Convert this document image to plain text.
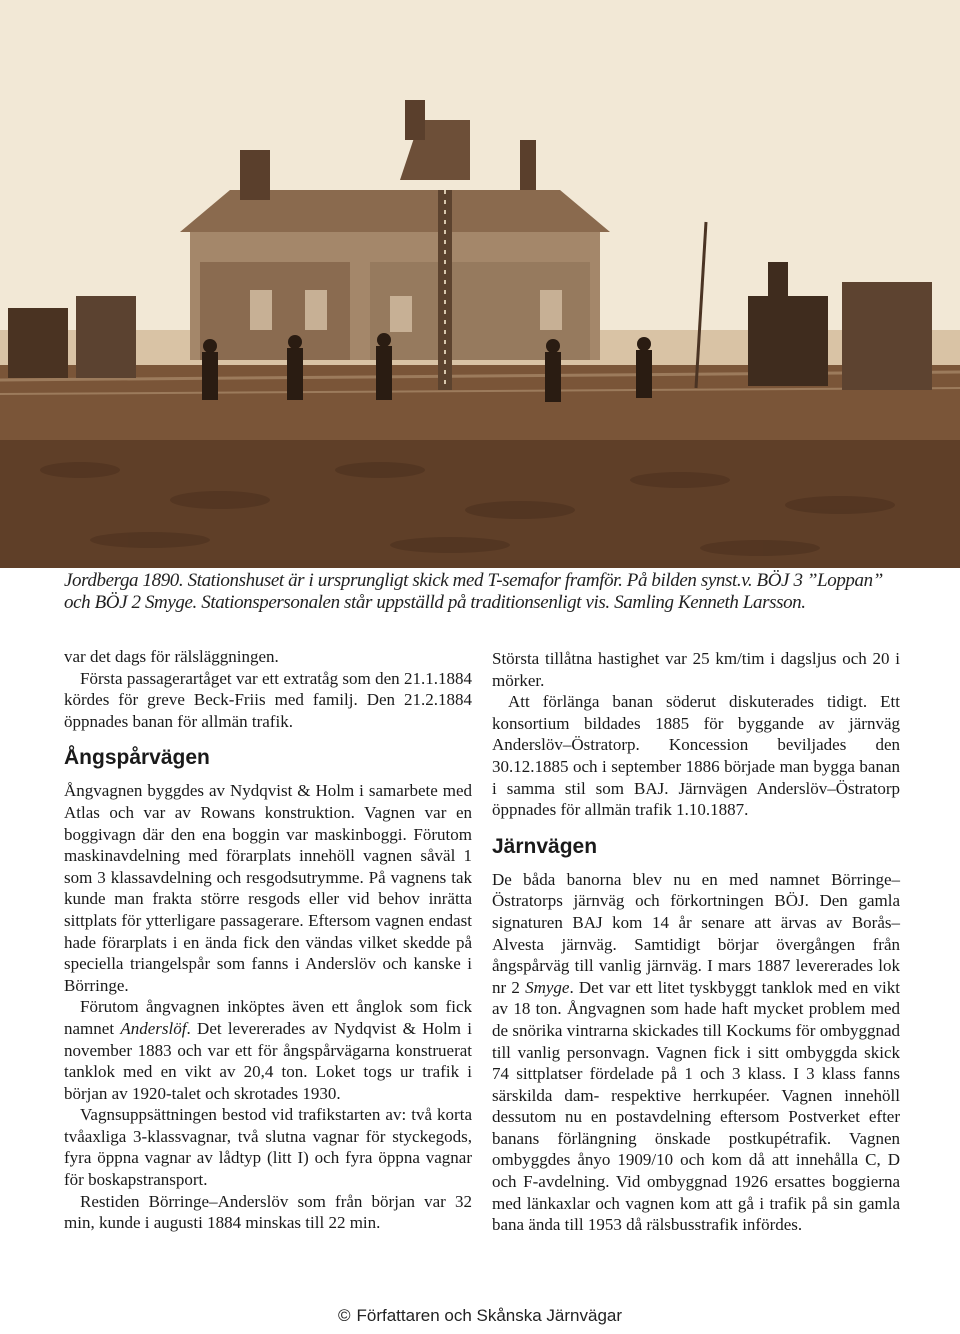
Jordberga 1890. Stationshuset är i ursprungligt skick med T-semafor framför. På bilden synst.v. BÖJ 3 ”Loppan” och BÖJ 2 Smyge. Stationspersonalen står uppställd på traditionsenligt vis. Samling Kenneth Larsson.

var det dags för rälsläggningen.

Första passagerartåget var ett extratåg som den 21.1.1884 kördes för greve Beck-Friis med familj. Den 21.2.1884 öppnades banan för allmän trafik.

Ångspårvägen

Ångvagnen byggdes av Nydqvist & Holm i samarbete med Atlas och var av Rowans konstruktion. Vagnen var en boggivagn där den ena boggin var maskinboggi. Förutom maskinavdelning med förarplats innehöll vagnen såväl 1 som 3 klassavdelning och resgodsutrymme. På vagnens tak kunde man frakta större resgods eller vid behov inrätta sittplats för ytterligare passagerare. Eftersom vagnen endast hade förarplats i en ända fick den vändas vilket skedde på speciella triangelspår som fanns i Anderslöv och kanske i Börringe.

Förutom ångvagnen inköptes även ett ånglok som fick namnet Anderslöf. Det levererades av Nydqvist & Holm i november 1883 och var ett för ångspårvägarna konstruerat tanklok med en vikt av 20,4 ton. Loket togs ur trafik i början av 1920-talet och skrotades 1930.

Vagnsuppsättningen bestod vid trafikstarten av: två korta tvåaxliga 3-klassvagnar, två slutna vagnar för styckegods, fyra öppna vagnar av lådtyp (litt I) och fyra öppna vagnar för boskapstransport.

Restiden Börringe–Anderslöv som från början var 32 min, kunde i augusti 1884 minskas till 22 min.

Största tillåtna hastighet var 25 km/tim i dagsljus och 20 i mörker.

Att förlänga banan söderut diskuterades tidigt. Ett konsortium bildades 1885 för byggande av järnväg Anderslöv–Östratorp. Koncession beviljades den 30.12.1885 och i september 1886 började man bygga banan i samma stil som BAJ. Järnvägen Anderslöv–Östratorp öppnades för allmän trafik 1.10.1887.

Järnvägen

De båda banorna blev nu en med namnet Börringe–Östratorps järnväg och förkortningen BÖJ. Den gamla signaturen BAJ kom 14 år senare att ärvas av Borås–Alvesta järnväg. Samtidigt börjar övergången från ångspårväg till vanlig järnväg. I mars 1887 levererades lok nr 2 Smyge. Det var ett litet tyskbyggt tanklok med en vikt av 18 ton. Ångvagnen som hade haft mycket problem med de snörika vintrarna skickades till Kockums för ombyggnad till vanlig personvagn. Vagnen fick i sitt ombyggda skick 74 sittplatser fördelade på 1 och 3 klass. I 3 klass fanns särskilda dam- respektive herrkupéer. Vagnen innehöll dessutom nu en postavdelning eftersom Postverket efter banans förlängning önskade postkupétrafik. Vagnen ombyggdes ånyo 1909/10 och kom då att innehålla C, D och F-avdelning. Vid ombyggnad 1926 ersattes boggierna med länkaxlar och vagnen kom att gå i trafik på sin gamla bana ända till 1953 då rälsbusstrafik infördes.

© Författaren och Skånska Järnvägar
